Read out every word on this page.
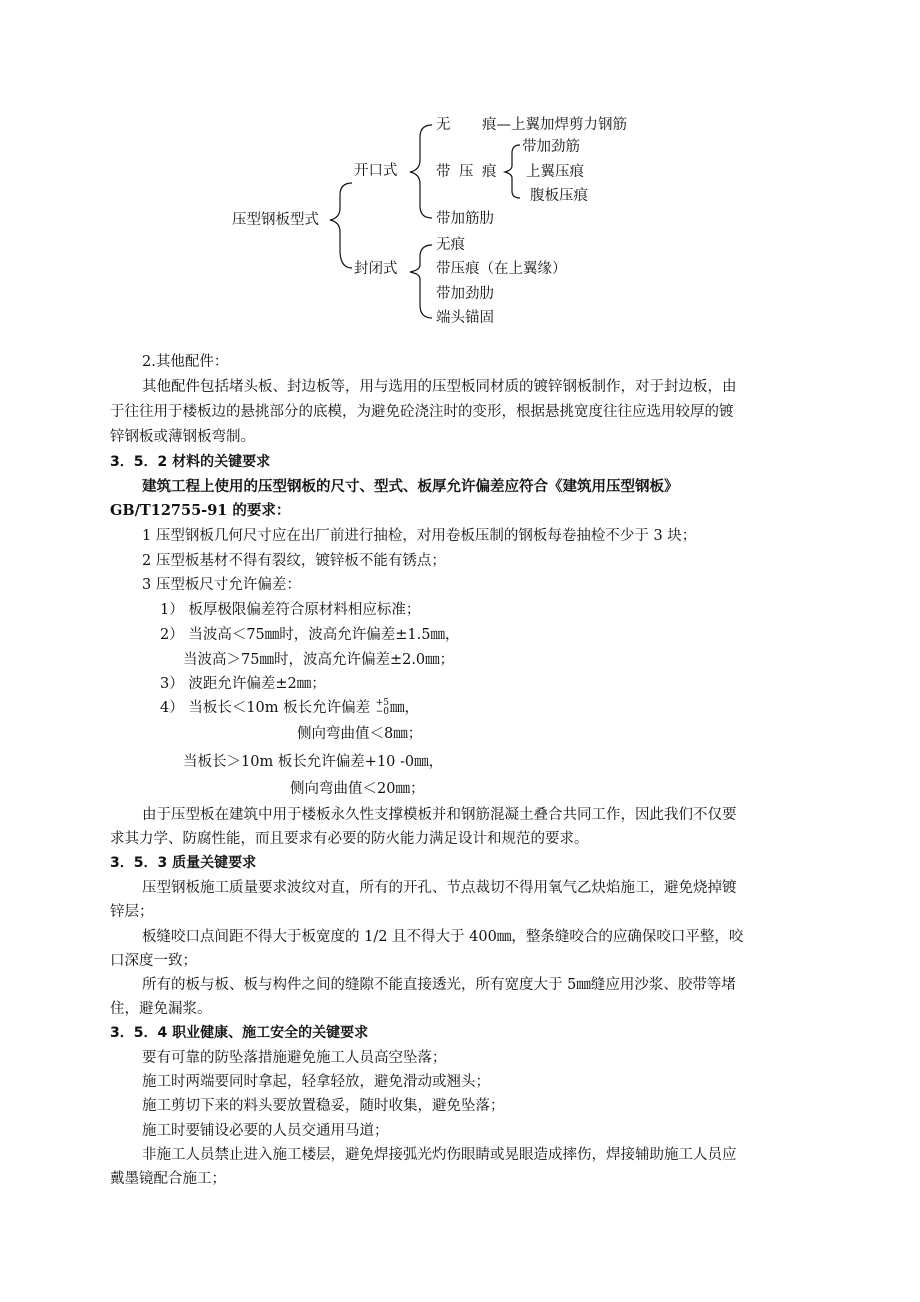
压型钢板型式
开口式
封闭式
无 痕—上翼加焊剪力钢筋
带 压 痕
带加筋肋
带加劲筋
上翼压痕
腹板压痕
无痕
带压痕（在上翼缘）
带加劲肋
端头锚固
2.其他配件：
其他配件包括堵头板、封边板等，用与选用的压型板同材质的镀锌钢板制作，对于封边板，由
于往往用于楼板边的悬挑部分的底模，为避免砼浇注时的变形，根据悬挑宽度往往应选用较厚的镀
锌钢板或薄钢板弯制。
3．5．2 材料的关键要求
建筑工程上使用的压型钢板的尺寸、型式、板厚允许偏差应符合《建筑用压型钢板》
GB/T12755-91 的要求：
1 压型钢板几何尺寸应在出厂前进行抽检，对用卷板压制的钢板每卷抽检不少于 3 块；
2 压型板基材不得有裂纹，镀锌板不能有锈点；
3 压型板尺寸允许偏差：
1） 板厚极限偏差符合原材料相应标准；
2） 当波高＜75㎜时，波高允许偏差±1.5㎜，
当波高＞75㎜时，波高允许偏差±2.0㎜；
3） 波距允许偏差±2㎜；
4） 当板长＜10m 板长允许偏差 +5
−0 ㎜，
侧向弯曲值＜8㎜；
当板长＞10m 板长允许偏差+10 -0㎜，
侧向弯曲值＜20㎜；
由于压型板在建筑中用于楼板永久性支撑模板并和钢筋混凝土叠合共同工作，因此我们不仅要
求其力学、防腐性能，而且要求有必要的防火能力满足设计和规范的要求。
3．5．3 质量关键要求
压型钢板施工质量要求波纹对直，所有的开孔、节点裁切不得用氧气乙炔焰施工，避免烧掉镀
锌层；
板缝咬口点间距不得大于板宽度的 1/2 且不得大于 400㎜，整条缝咬合的应确保咬口平整，咬
口深度一致；
所有的板与板、板与构件之间的缝隙不能直接透光，所有宽度大于 5㎜缝应用沙浆、胶带等堵
住，避免漏浆。
3．5．4 职业健康、施工安全的关键要求
要有可靠的防坠落措施避免施工人员高空坠落；
施工时两端要同时拿起，轻拿轻放，避免滑动或翘头；
施工剪切下来的料头要放置稳妥，随时收集，避免坠落；
施工时要铺设必要的人员交通用马道；
非施工人员禁止进入施工楼层，避免焊接弧光灼伤眼睛或晃眼造成摔伤，焊接辅助施工人员应
戴墨镜配合施工；
